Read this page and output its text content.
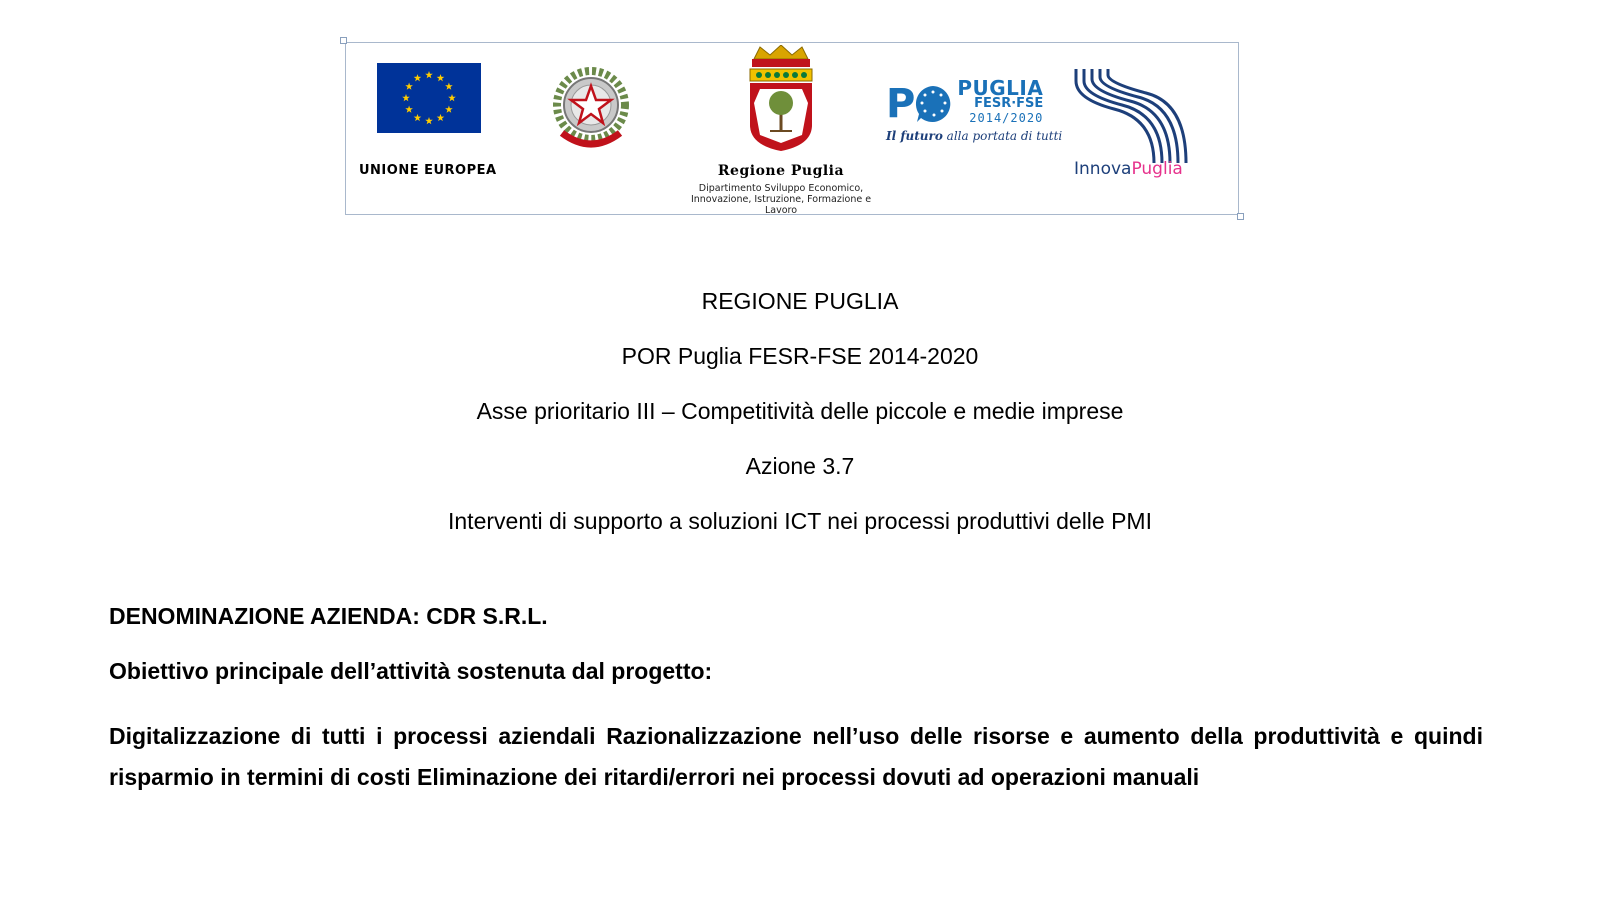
UNIONE EUROPEA	Regione Puglia
Dipartimento Sviluppo Economico, Innovazione, Istruzione, Formazione e Lavoro
P PUGLIA
FESR·FSE
2014/2020
Il futuro alla portata di tutti
InnovaPuglia
REGIONE PUGLIA
POR Puglia FESR-FSE 2014-2020
Asse prioritario III – Competitività delle piccole e medie imprese
Azione 3.7
Interventi di supporto a soluzioni ICT nei processi produttivi delle PMI
DENOMINAZIONE AZIENDA: CDR S.R.L.
Obiettivo principale dell’attività sostenuta dal progetto:
Digitalizzazione di tutti i processi aziendali Razionalizzazione nell’uso delle risorse e aumento della produttività e quindi risparmio in termini di costi Eliminazione dei ritardi/errori nei processi dovuti ad operazioni manuali
